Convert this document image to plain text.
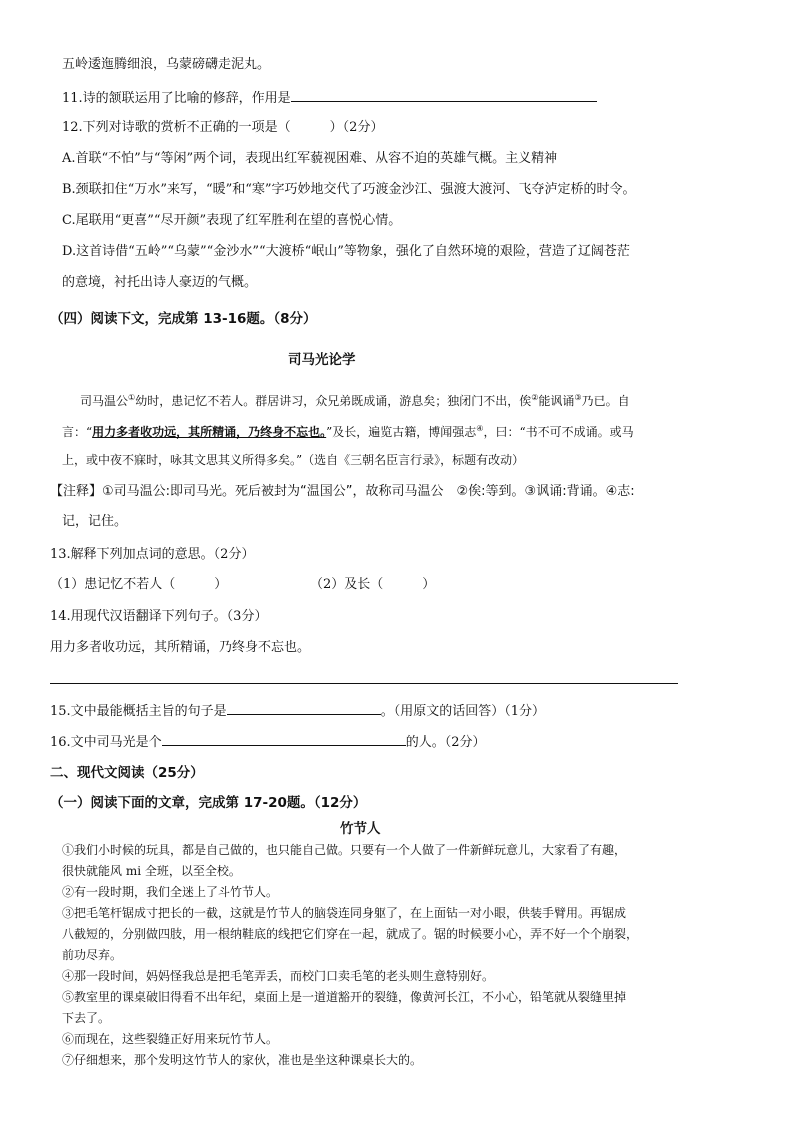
五岭逶迤腾细浪，乌蒙磅礴走泥丸。
11.诗的颔联运用了比喻的修辞，作用是
12.下列对诗歌的赏析不正确的一项是（　　　）（2分）
A.首联“不怕”与“等闲”两个词，表现出红军藐视困难、从容不迫的英雄气概。主义精神
B.颈联扣住“万水”来写，“暖”和“寒”字巧妙地交代了巧渡金沙江、强渡大渡河、飞夺泸定桥的时令。
C.尾联用“更喜”“尽开颜”表现了红军胜利在望的喜悦心情。
D.这首诗借“五岭”“乌蒙”“金沙水”“大渡桥“岷山”等物象，强化了自然环境的艰险，营造了辽阔苍茫
的意境，衬托出诗人豪迈的气概。
（四）阅读下文，完成第 13-16题。（8分）
司马光论学
司马温公①幼时，患记忆不若人。群居讲习，众兄弟既成诵，游息矣；独闭门不出，俟②能讽诵③乃已。自
言：“用力多者收功远，其所精诵，乃终身不忘也。”及长，遍览古籍，博闻强志④，曰：“书不可不成诵。或马
上，或中夜不寐时，咏其文思其义所得多矣。”（选自《三朝名臣言行录》，标题有改动）
【注释】①司马温公:即司马光。死后被封为“温国公”，故称司马温公　②俟:等到。③讽诵:背诵。④志:
记，记住。
13.解释下列加点词的意思。（2分）
（1）患记忆不若人（　　　）	（2）及长（　　　）
14.用现代汉语翻译下列句子。（3分）
用力多者收功远，其所精诵，乃终身不忘也。
15.文中最能概括主旨的句子是	。（用原文的话回答）（1分）
16.文中司马光是个	的人。（2分）
二、现代文阅读（25分）
（一）阅读下面的文章，完成第 17-20题。（12分）
竹节人
①我们小时候的玩具，都是自己做的，也只能自己做。只要有一个人做了一件新鲜玩意儿，大家看了有趣，
很快就能风 mi 全班，以至全校。
②有一段时期，我们全迷上了斗竹节人。
③把毛笔杆锯成寸把长的一截，这就是竹节人的脑袋连同身躯了，在上面钻一对小眼，供装手臂用。再锯成
八截短的，分别做四肢，用一根纳鞋底的线把它们穿在一起，就成了。锯的时候要小心，弄不好一个个崩裂，
前功尽弃。
④那一段时间，妈妈怪我总是把毛笔弄丢，而校门口卖毛笔的老头则生意特别好。
⑤教室里的课桌破旧得看不出年纪，桌面上是一道道豁开的裂缝，像黄河长江，不小心，铅笔就从裂缝里掉
下去了。
⑥而现在，这些裂缝正好用来玩竹节人。
⑦仔细想来，那个发明这竹节人的家伙，准也是坐这种课桌长大的。
